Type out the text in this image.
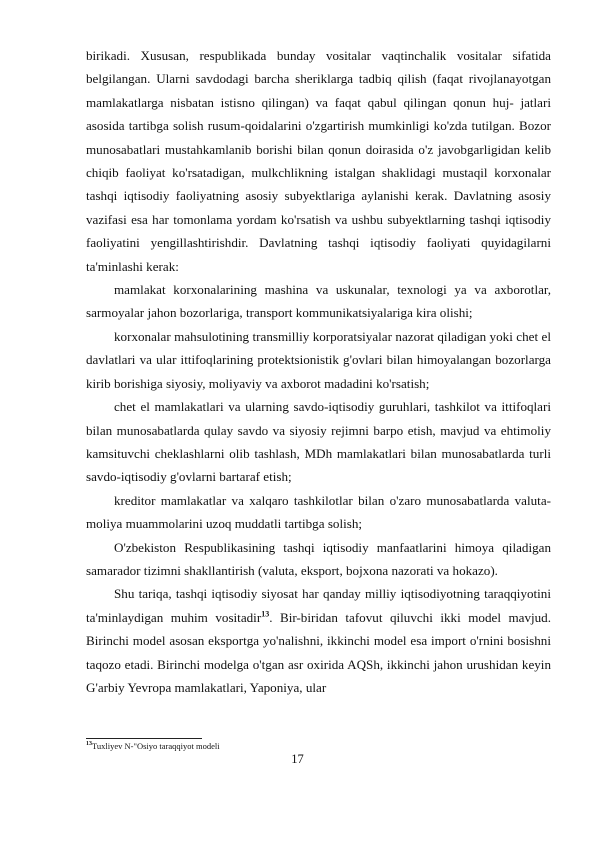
birikadi. Xususan, respublikada bunday vositalar vaqtinchalik vositalar sifatida belgilangan. Ularni savdodagi barcha sheriklarga tadbiq qilish (faqat rivojlanayotgan mamlakatlarga nisbatan istisno qilingan) va faqat qabul qilingan qonun huj- jatlari asosida tartibga solish rusum-qoidalarini o'zgartirish mumkinligi ko'zda tutilgan. Bozor munosabatlari mustahkamlanib borishi bilan qonun doirasida o'z javobgarligidan kelib chiqib faoliyat ko'rsatadigan, mulkchlikning istalgan shaklidagi mustaqil korxonalar tashqi iqtisodiy faoliyatning asosiy subyektlariga aylanishi kerak. Davlatning asosiy vazifasi esa har tomonlama yordam ko'rsatish va ushbu subyektlarning tashqi iqtisodiy faoliyatini yengillashtirishdir. Davlatning tashqi iqtisodiy faoliyati quyidagilarni ta'minlashi kerak:

mamlakat korxonalarining mashina va uskunalar, texnologi ya va axborotlar, sarmoyalar jahon bozorlariga, transport kommunikatsiyalariga kira olishi;

korxonalar mahsulotining transmilliy korporatsiyalar nazorat qiladigan yoki chet el davlatlari va ular ittifoqlarining protektsionistik g'ovlari bilan himoyalangan bozorlarga kirib borishiga siyosiy, moliyaviy va axborot madadini ko'rsatish;

chet el mamlakatlari va ularning savdo-iqtisodiy guruhlari, tashkilot va ittifoqlari bilan munosabatlarda qulay savdo va siyosiy rejimni barpo etish, mavjud va ehtimoliy kamsituvchi cheklashlarni olib tashlash, MDh mamlakatlari bilan munosabatlarda turli savdo-iqtisodiy g'ovlarni bartaraf etish;

kreditor mamlakatlar va xalqaro tashkilotlar bilan o'zaro munosabatlarda valuta-moliya muammolarini uzoq muddatli tartibga solish;

O'zbekiston Respublikasining tashqi iqtisodiy manfaatlarini himoya qiladigan samarador tizimni shakllantirish (valuta, eksport, bojxona nazorati va hokazo).

Shu tariqa, tashqi iqtisodiy siyosat har qanday milliy iqtisodiyotning taraqqiyotini ta'minlaydigan muhim vositadir$^{13}$. Bir-biridan tafovut qiluvchi ikki model mavjud. Birinchi model asosan eksportga yo'nalishni, ikkinchi model esa import o'rnini bosishni taqozo etadi. Birinchi modelga o'tgan asr oxirida AQSh, ikkinchi jahon urushidan keyin G'arbiy Yevropa mamlakatlari, Yaponiya, ular

$^{13}$Tuxliyev N-"Osiyo taraqqiyot modeli
17
